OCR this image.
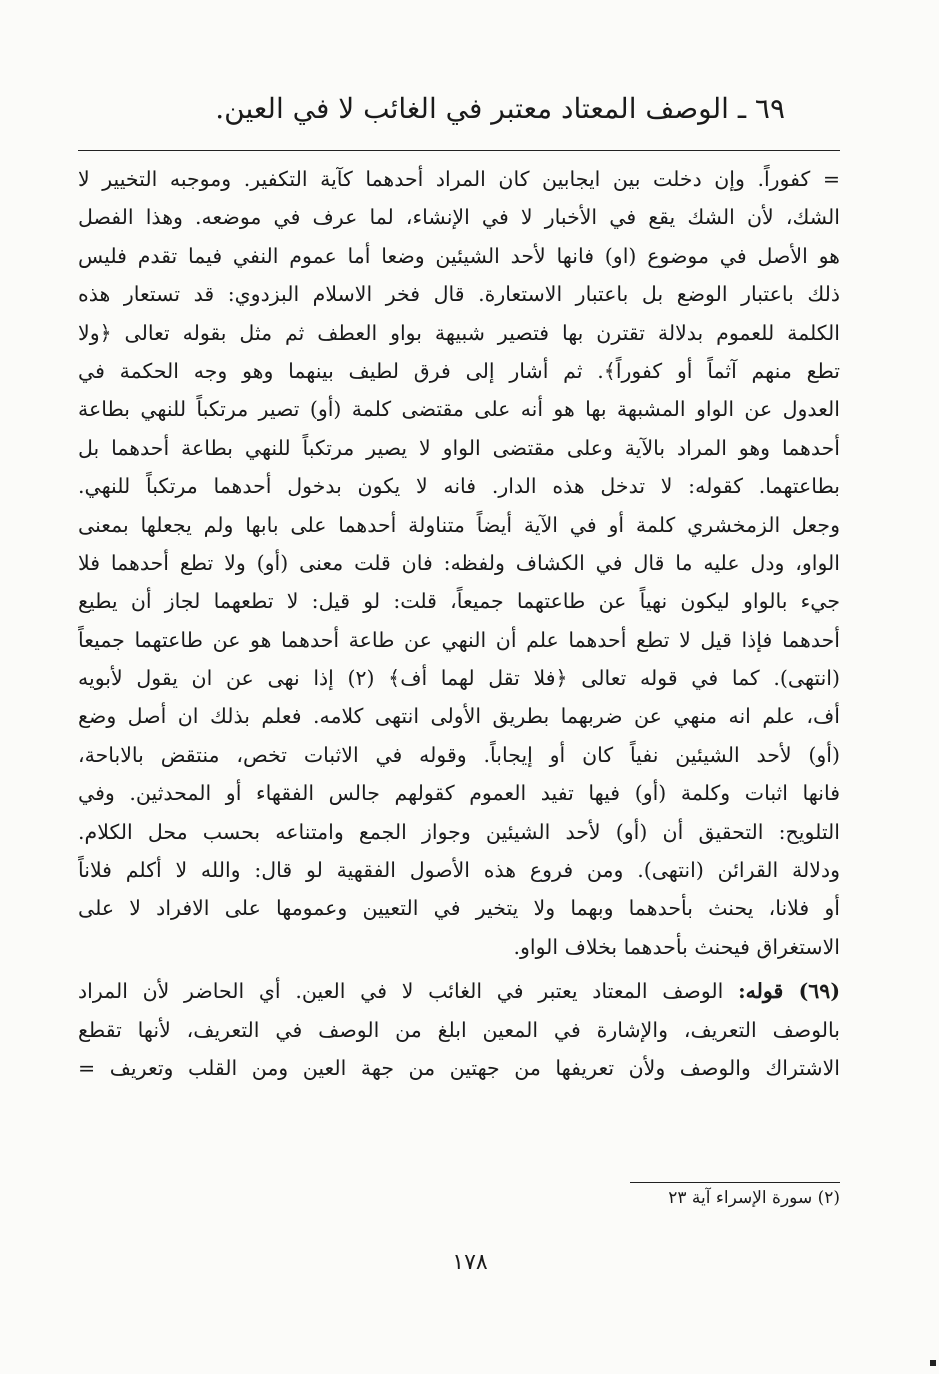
٦٩ ـ الوصف المعتاد معتبر في الغائب لا في العين.
= كفوراً. وإن دخلت بين ايجابين كان المراد أحدهما كآية التكفير. وموجبه التخيير لا
الشك، لأن الشك يقع في الأخبار لا في الإنشاء، لما عرف في موضعه. وهذا الفصل
هو الأصل في موضوع (او) فانها لأحد الشيئين وضعا أما عموم النفي فيما تقدم فليس
ذلك باعتبار الوضع بل باعتبار الاستعارة. قال فخر الاسلام البزدوي: قد تستعار هذه
الكلمة للعموم بدلالة تقترن بها فتصير شبيهة بواو العطف ثم مثل بقوله تعالى ﴿ولا
تطع منهم آثماً أو كفوراً﴾. ثم أشار إلى فرق لطيف بينهما وهو وجه الحكمة في
العدول عن الواو المشبهة بها هو أنه على مقتضى كلمة (أو) تصير مرتكباً للنهي بطاعة
أحدهما وهو المراد بالآية وعلى مقتضى الواو لا يصير مرتكباً للنهي بطاعة أحدهما بل
بطاعتهما. كقوله: لا تدخل هذه الدار. فانه لا يكون بدخول أحدهما مرتكباً للنهي.
وجعل الزمخشري كلمة أو في الآية أيضاً متناولة أحدهما على بابها ولم يجعلها بمعنى
الواو، ودل عليه ما قال في الكشاف ولفظه: فان قلت معنى (أو) ولا تطع أحدهما فلا
جيء بالواو ليكون نهياً عن طاعتهما جميعاً، قلت: لو قيل: لا تطعهما لجاز أن يطيع
أحدهما فإذا قيل لا تطع أحدهما علم أن النهي عن طاعة أحدهما هو عن طاعتهما جميعاً
(انتهى). كما في قوله تعالى ﴿فلا تقل لهما أف﴾ (٢) إذا نهى عن ان يقول لأبويه
أف، علم انه منهي عن ضربهما بطريق الأولى انتهى كلامه. فعلم بذلك ان أصل وضع
(أو) لأحد الشيئين نفياً كان أو إيجاباً. وقوله في الاثبات تخص، منتقض بالاباحة،
فانها اثبات وكلمة (أو) فيها تفيد العموم كقولهم جالس الفقهاء أو المحدثين. وفي
التلويح: التحقيق أن (أو) لأحد الشيئين وجواز الجمع وامتناعه بحسب محل الكلام.
ودلالة القرائن (انتهى). ومن فروع هذه الأصول الفقهية لو قال: والله لا أكلم فلاناً
أو فلانا، يحنث بأحدهما وبهما ولا يتخير في التعيين وعمومها على الافراد لا على
الاستغراق فيحنث بأحدهما بخلاف الواو.
(٦٩) قوله: الوصف المعتاد يعتبر في الغائب لا في العين. أي الحاضر لأن المراد
بالوصف التعريف، والإشارة في المعين ابلغ من الوصف في التعريف، لأنها تقطع
الاشتراك والوصف ولأن تعريفها من جهتين من جهة العين ومن القلب وتعريف =
(٢) سورة الإسراء آية ٢٣
١٧٨
